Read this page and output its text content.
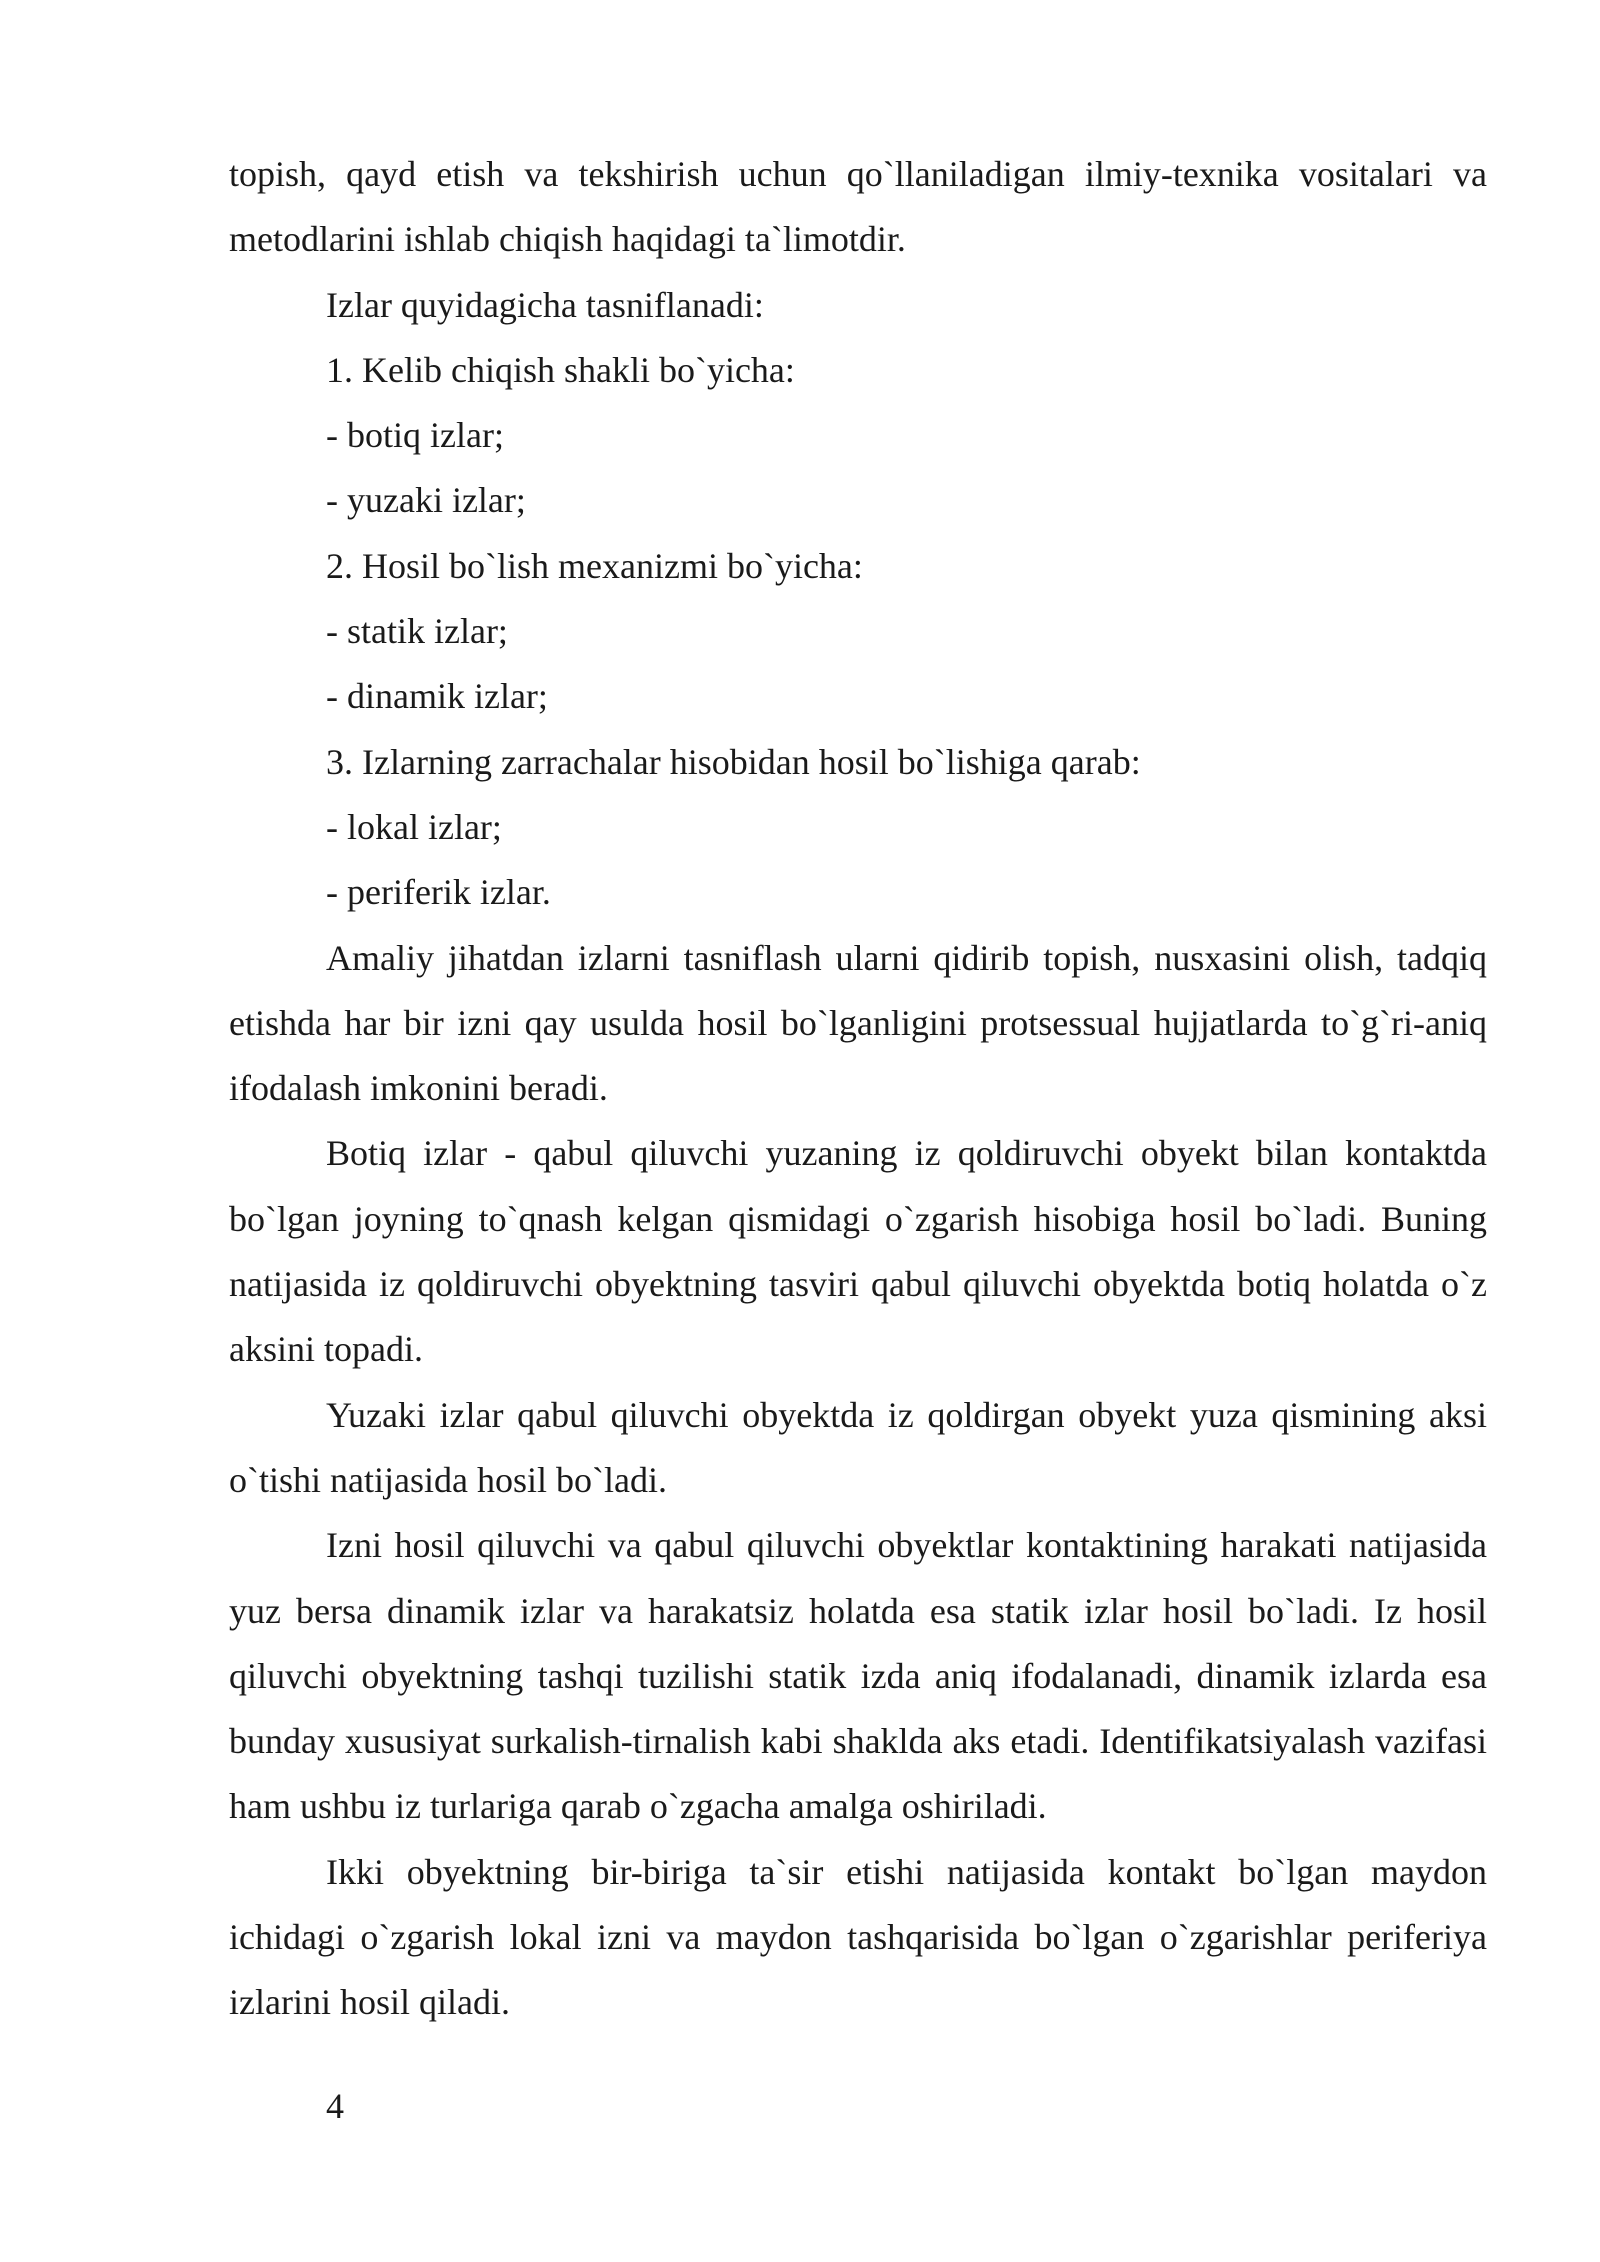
topish, qayd etish va tekshirish uchun qo`llaniladigan ilmiy-texnika vositalari va metodlarini ishlab chiqish haqidagi ta`limotdir.

Izlar quyidagicha tasniflanadi:
1. Kelib chiqish shakli bo`yicha:
- botiq izlar;
- yuzaki izlar;
2. Hosil bo`lish mexanizmi bo`yicha:
- statik izlar;
- dinamik izlar;
3. Izlarning zarrachalar hisobidan hosil bo`lishiga qarab:
- lokal izlar;
- periferik izlar.

Amaliy jihatdan izlarni tasniflash ularni qidirib topish, nusxasini olish, tadqiq etishda har bir izni qay usulda hosil bo`lganligini protsessual hujjatlarda to`g`ri-aniq ifodalash imkonini beradi.

Botiq izlar - qabul qiluvchi yuzaning iz qoldiruvchi obyekt bilan kontaktda bo`lgan joyning to`qnash kelgan qismidagi o`zgarish hisobiga hosil bo`ladi. Buning natijasida iz qoldiruvchi obyektning tasviri qabul qiluvchi obyektda botiq holatda o`z aksini topadi.

Yuzaki izlar qabul qiluvchi obyektda iz qoldirgan obyekt yuza qismining aksi o`tishi natijasida hosil bo`ladi.

Izni hosil qiluvchi va qabul qiluvchi obyektlar kontaktining harakati natijasida yuz bersa dinamik izlar va harakatsiz holatda esa statik izlar hosil bo`ladi. Iz hosil qiluvchi obyektning tashqi tuzilishi statik izda aniq ifodalanadi, dinamik izlarda esa bunday xususiyat surkalish-tirnalish kabi shaklda aks etadi. Identifikatsiyalash vazifasi ham ushbu iz turlariga qarab o`zgacha amalga oshiriladi.

Ikki obyektning bir-biriga ta`sir etishi natijasida kontakt bo`lgan maydon ichidagi o`zgarish lokal izni va maydon tashqarisida bo`lgan o`zgarishlar periferiya izlarini hosil qiladi.

4
